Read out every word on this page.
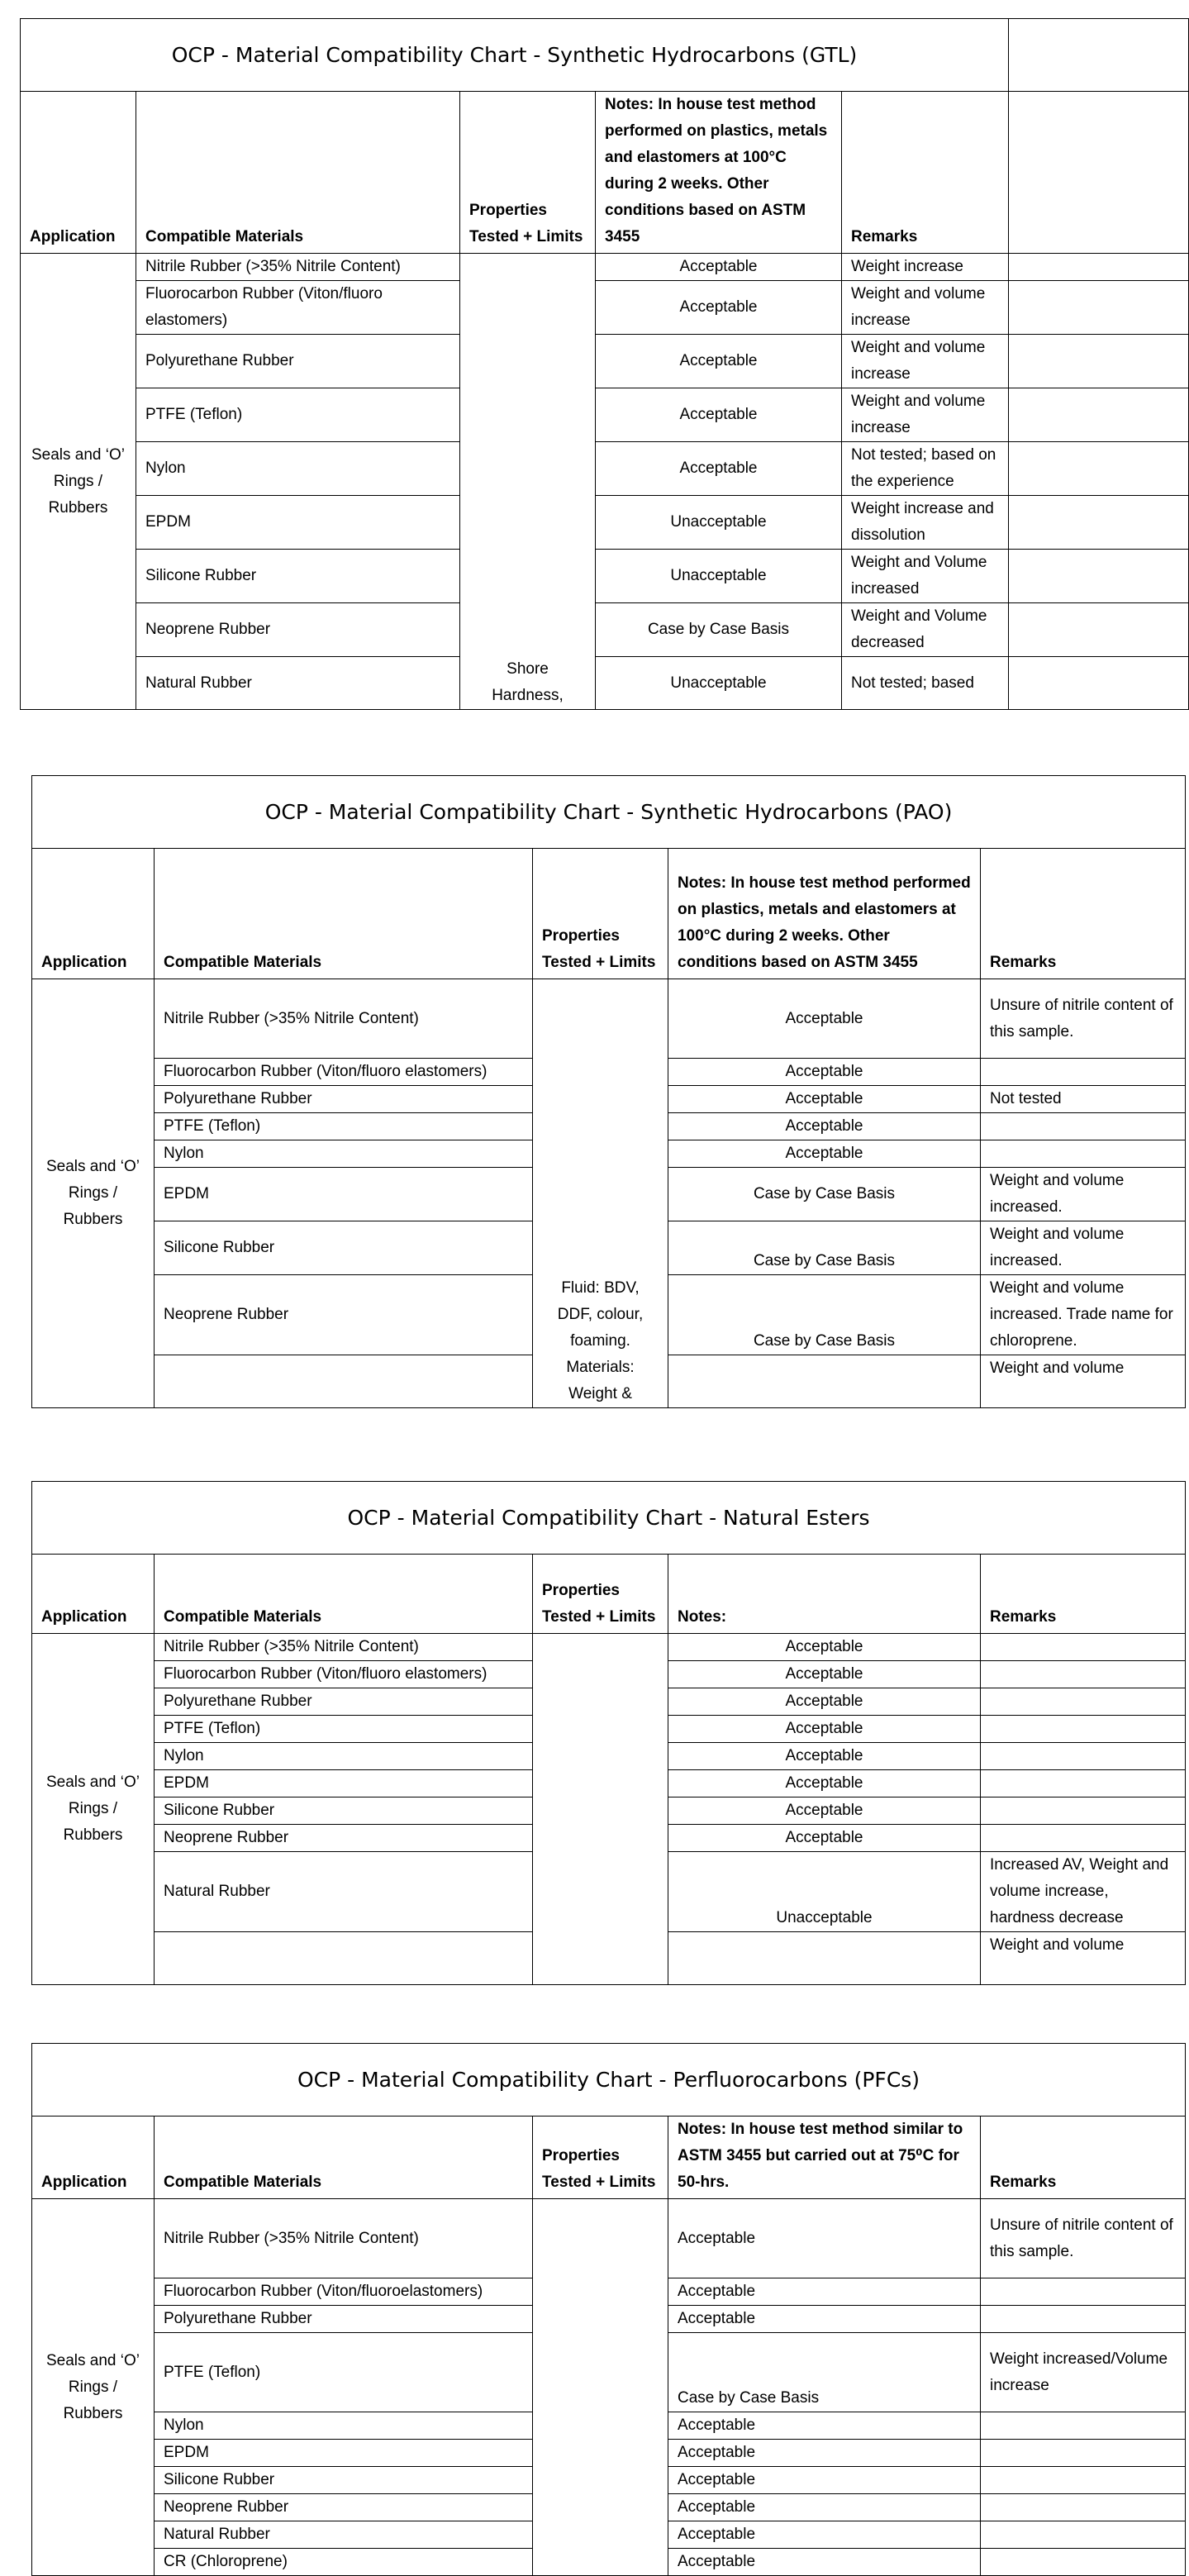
OCP - Material Compatibility Chart - Synthetic Hydrocarbons (GTL)					
Application	Compatible Materials	Properties Tested + Limits	Notes: In house test method performed on plastics, metals and elastomers at 100°C during 2 weeks. Other conditions based on ASTM 3455	Remarks	
Seals and ‘O’ Rings / Rubbers	Nitrile Rubber (>35% Nitrile Content)	Shore Hardness,	Acceptable	Weight increase	
	Fluorocarbon Rubber (Viton/fluoro elastomers)		Acceptable	Weight and volume increase	
	Polyurethane Rubber		Acceptable	Weight and volume increase	
	PTFE (Teflon)		Acceptable	Weight and volume increase	
	Nylon		Acceptable	Not tested; based on the experience	
	EPDM		Unacceptable	Weight increase and dissolution	
	Silicone Rubber		Unacceptable	Weight and Volume increased	
	Neoprene Rubber		Case by Case Basis	Weight and Volume decreased	
	Natural Rubber		Unacceptable	Not tested; based	
OCP - Material Compatibility Chart - Synthetic Hydrocarbons (PAO)				
Application	Compatible Materials	Properties Tested + Limits	Notes: In house test method performed on plastics, metals and elastomers at 100°C during 2 weeks. Other conditions based on ASTM 3455	Remarks
Seals and ‘O’ Rings / Rubbers	Nitrile Rubber (>35% Nitrile Content)	Fluid: BDV, DDF, colour, foaming. Materials: Weight &	Acceptable	Unsure of nitrile content of this sample.
	Fluorocarbon Rubber (Viton/fluoro elastomers)		Acceptable	
	Polyurethane Rubber		Acceptable	Not tested
	PTFE (Teflon)		Acceptable	
	Nylon		Acceptable	
	EPDM		Case by Case Basis	Weight and volume increased.
	Silicone Rubber		Case by Case Basis	Weight and volume increased.
	Neoprene Rubber		Case by Case Basis	Weight and volume increased. Trade name for chloroprene.
				Weight and volume
OCP - Material Compatibility Chart - Natural Esters				
Application	Compatible Materials	Properties Tested + Limits	Notes:	Remarks
Seals and ‘O’ Rings / Rubbers	Nitrile Rubber (>35% Nitrile Content)		Acceptable	
	Fluorocarbon Rubber (Viton/fluoro elastomers)		Acceptable	
	Polyurethane Rubber		Acceptable	
	PTFE (Teflon)		Acceptable	
	Nylon		Acceptable	
	EPDM		Acceptable	
	Silicone Rubber		Acceptable	
	Neoprene Rubber		Acceptable	
	Natural Rubber		Unacceptable	Increased AV, Weight and volume increase, hardness decrease
				Weight and volume
OCP - Material Compatibility Chart - Perfluorocarbons (PFCs)				
Application	Compatible Materials	Properties Tested + Limits	Notes: In house test method similar to ASTM 3455 but carried out at 75⁰C for 50-hrs.	Remarks
Seals and ‘O’ Rings / Rubbers	Nitrile Rubber (>35% Nitrile Content)		Acceptable	Unsure of nitrile content of this sample.
	Fluorocarbon Rubber (Viton/fluoroelastomers)		Acceptable	
	Polyurethane Rubber		Acceptable	
	PTFE (Teflon)		Case by Case Basis	Weight increased/Volume increase
	Nylon		Acceptable	
	EPDM		Acceptable	
	Silicone Rubber		Acceptable	
	Neoprene Rubber		Acceptable	
	Natural Rubber		Acceptable	
	CR (Chloroprene)		Acceptable	
